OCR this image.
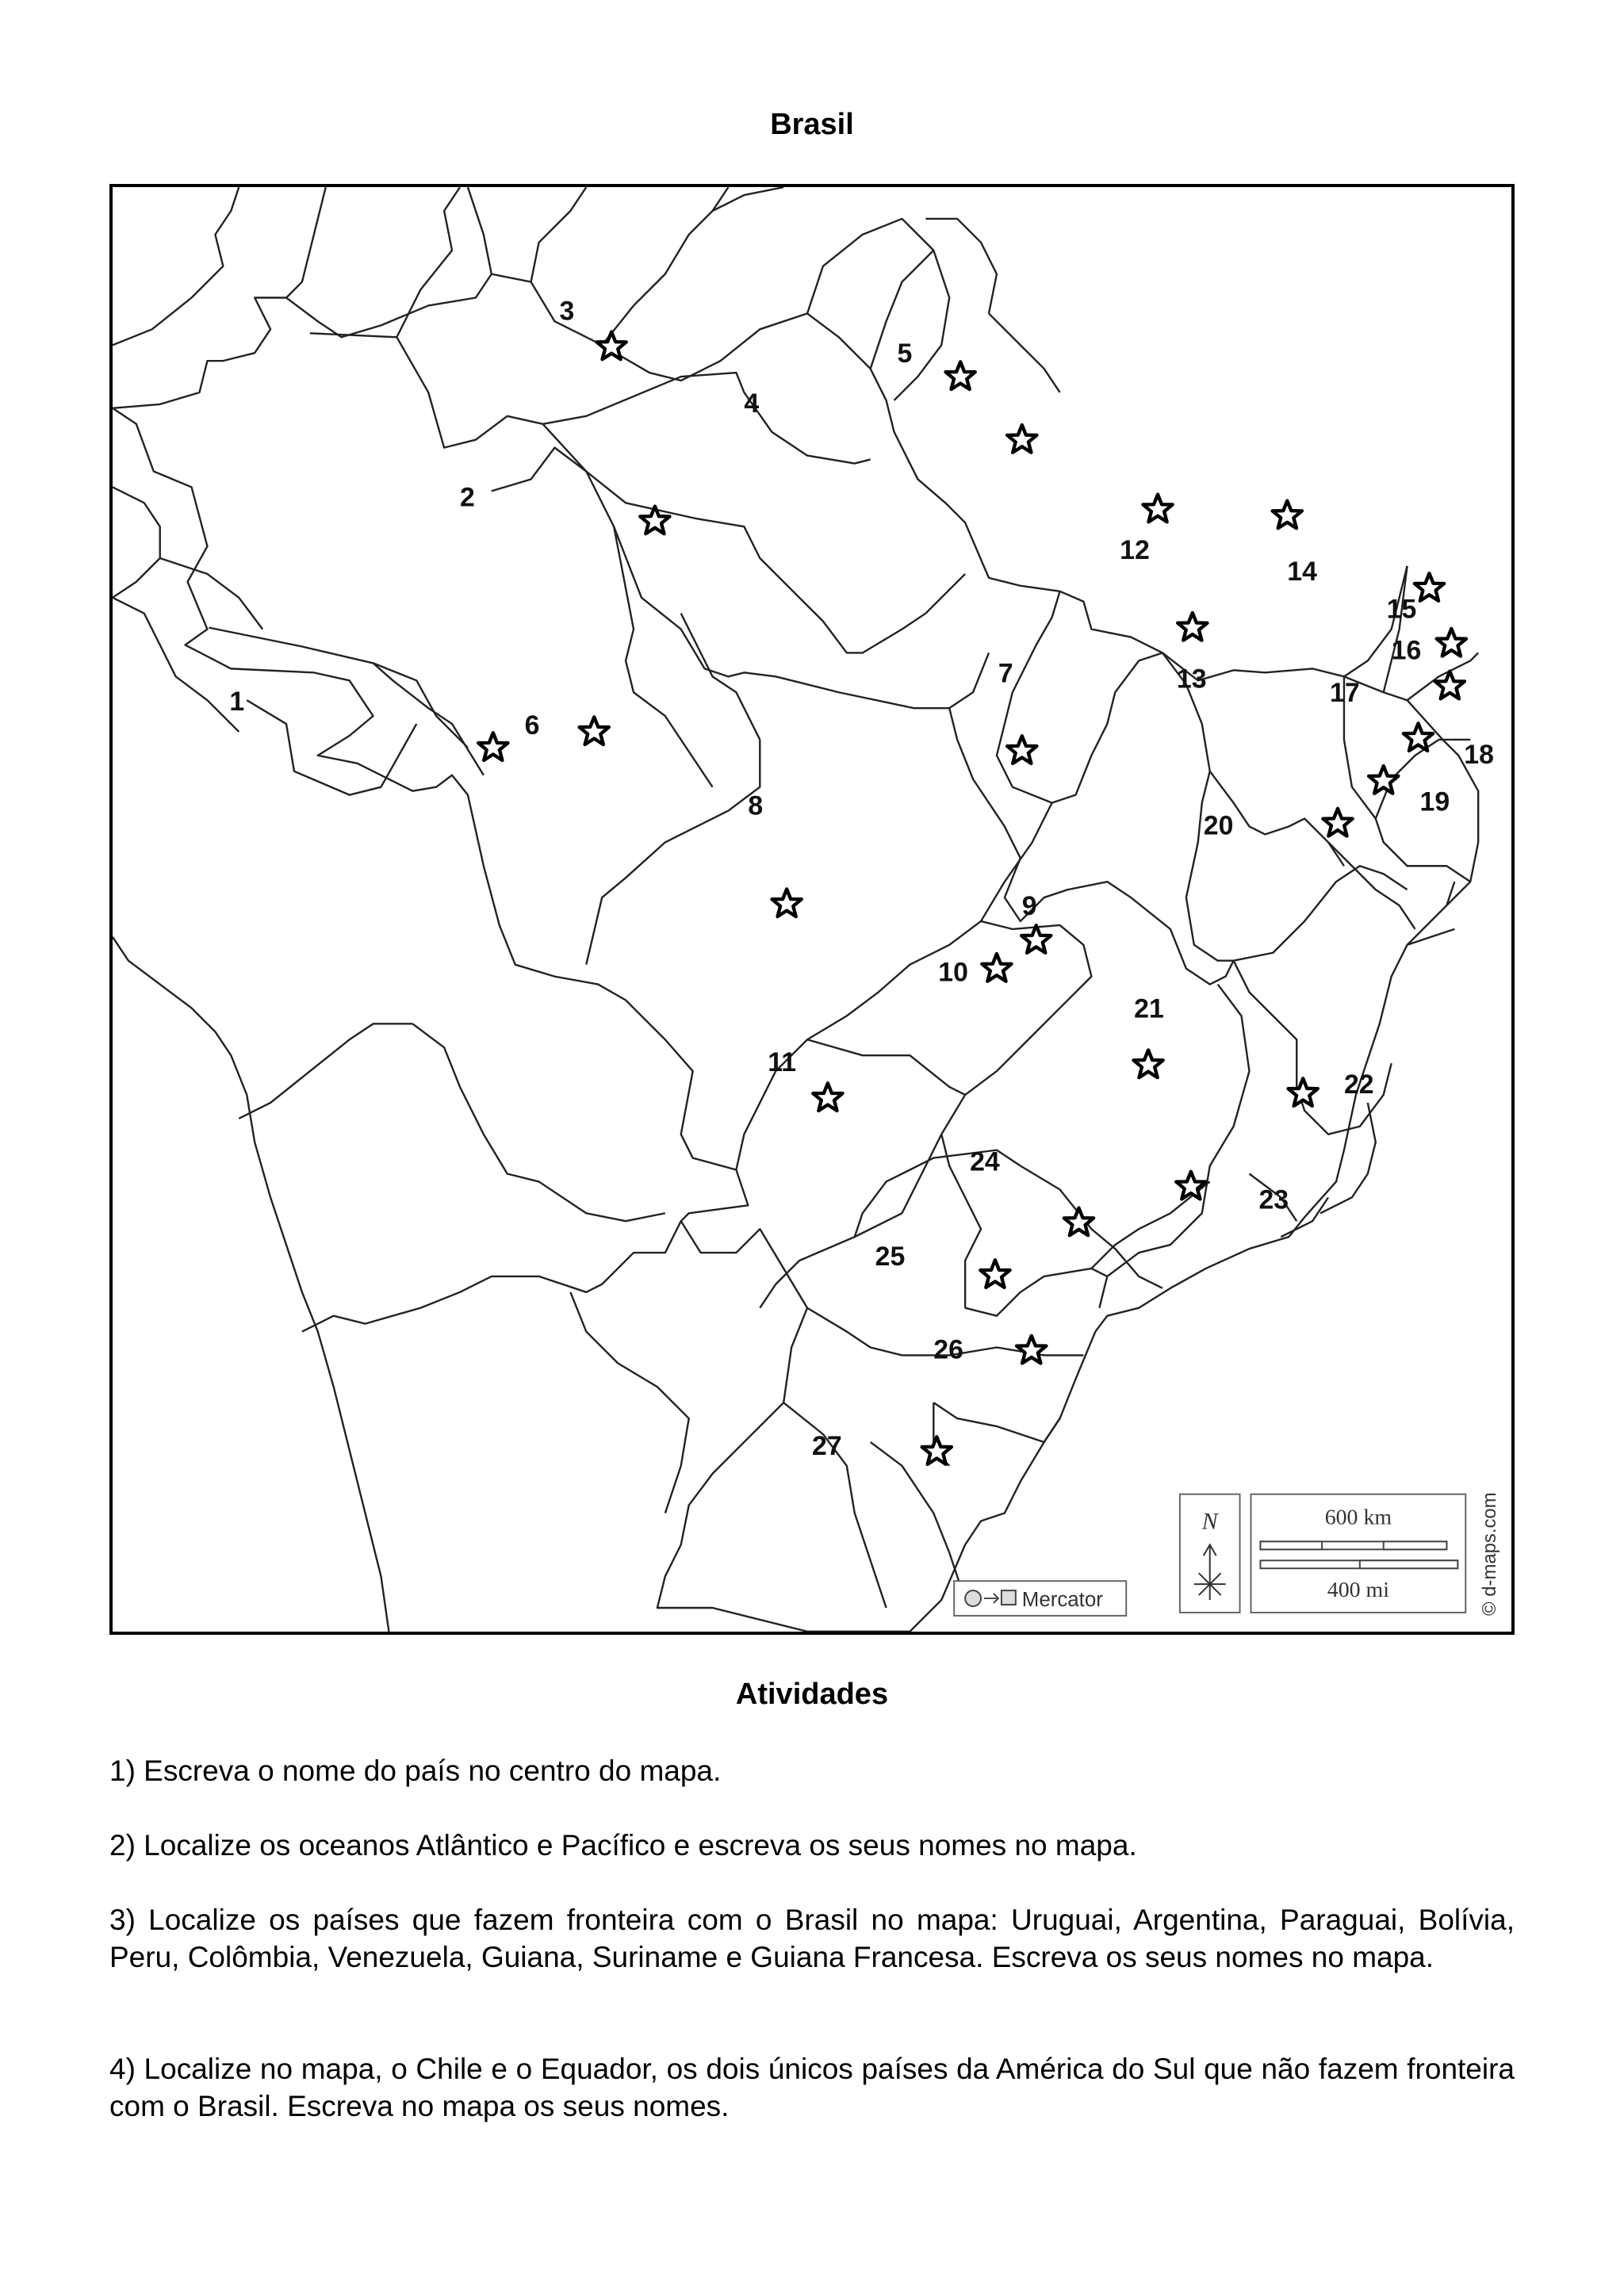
Brasil
1
2
3
4
5
6
7
8
9
10
11
12
13
14
15
16
17
18
19
20
21
22
23
24
25
26
27
Mercator
N	600 km
400 mi	© d-maps.com
Atividades
1) Escreva o nome do país no centro do mapa.
2) Localize os oceanos Atlântico e Pacífico e escreva os seus nomes no mapa.
3) Localize os países que fazem fronteira com o Brasil no mapa: Uruguai, Argentina, Paraguai, Bolívia, Peru, Colômbia, Venezuela, Guiana, Suriname e Guiana Francesa. Escreva os seus nomes no mapa.
4) Localize no mapa, o Chile e o Equador, os dois únicos países da América do Sul que não fazem fronteira com o Brasil. Escreva no mapa os seus nomes.
